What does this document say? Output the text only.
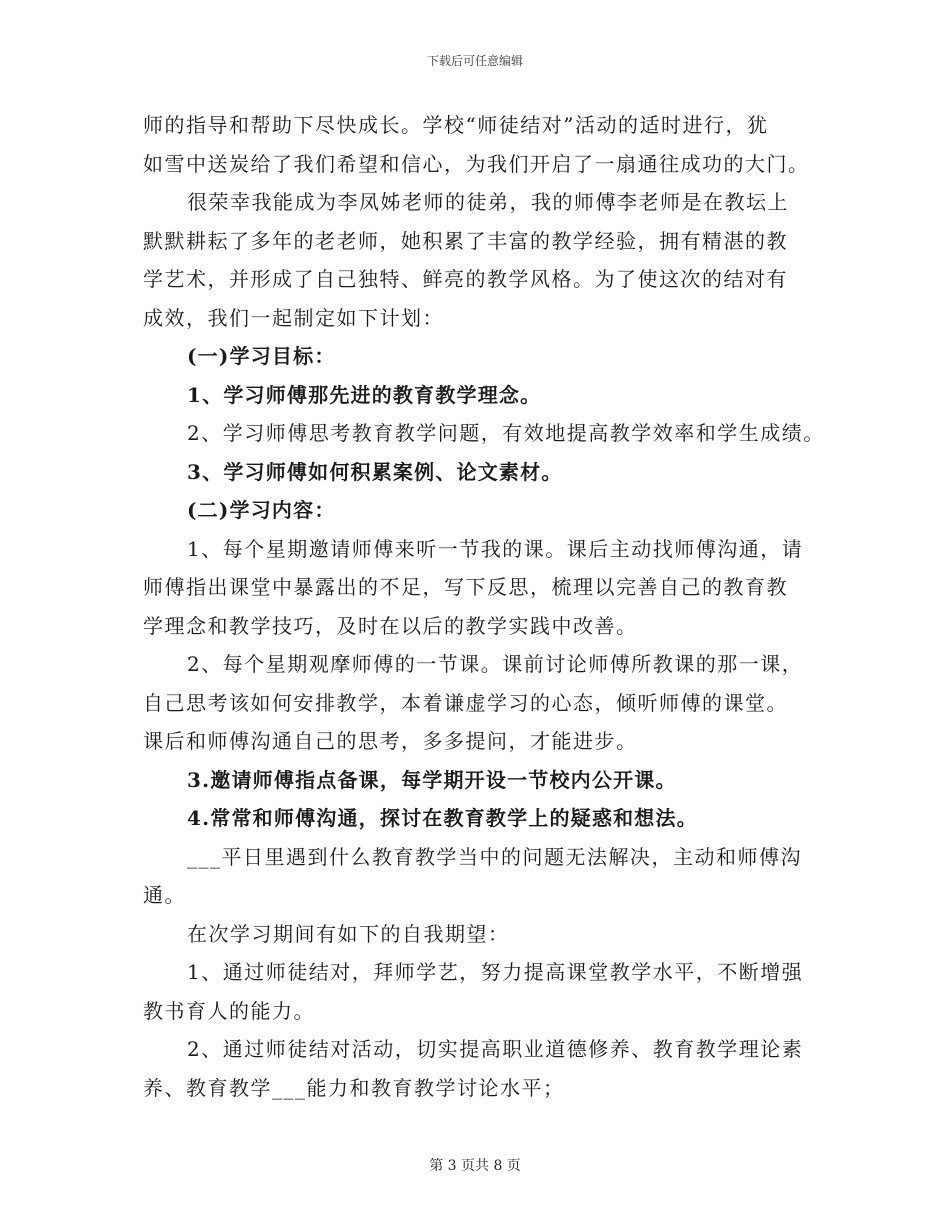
下载后可任意编辑

师的指导和帮助下尽快成长。学校“师徒结对”活动的适时进行，犹

如雪中送炭给了我们希望和信心，为我们开启了一扇通往成功的大门。

很荣幸我能成为李凤姊老师的徒弟，我的师傅李老师是在教坛上

默默耕耘了多年的老老师，她积累了丰富的教学经验，拥有精湛的教

学艺术，并形成了自己独特、鲜亮的教学风格。为了使这次的结对有

成效，我们一起制定如下计划：

(一)学习目标：

1、学习师傅那先进的教育教学理念。

2、学习师傅思考教育教学问题，有效地提高教学效率和学生成绩。

3、学习师傅如何积累案例、论文素材。

(二)学习内容：

1、每个星期邀请师傅来听一节我的课。课后主动找师傅沟通，请

师傅指出课堂中暴露出的不足，写下反思，梳理以完善自己的教育教

学理念和教学技巧，及时在以后的教学实践中改善。

2、每个星期观摩师傅的一节课。课前讨论师傅所教课的那一课，

自己思考该如何安排教学，本着谦虚学习的心态，倾听师傅的课堂。

课后和师傅沟通自己的思考，多多提问，才能进步。

3.邀请师傅指点备课，每学期开设一节校内公开课。

4.常常和师傅沟通，探讨在教育教学上的疑惑和想法。

___平日里遇到什么教育教学当中的问题无法解决，主动和师傅沟

通。

在次学习期间有如下的自我期望：

1、通过师徒结对，拜师学艺，努力提高课堂教学水平，不断增强

教书育人的能力。

2、通过师徒结对活动，切实提高职业道德修养、教育教学理论素

养、教育教学___能力和教育教学讨论水平；

第 3 页共 8 页
